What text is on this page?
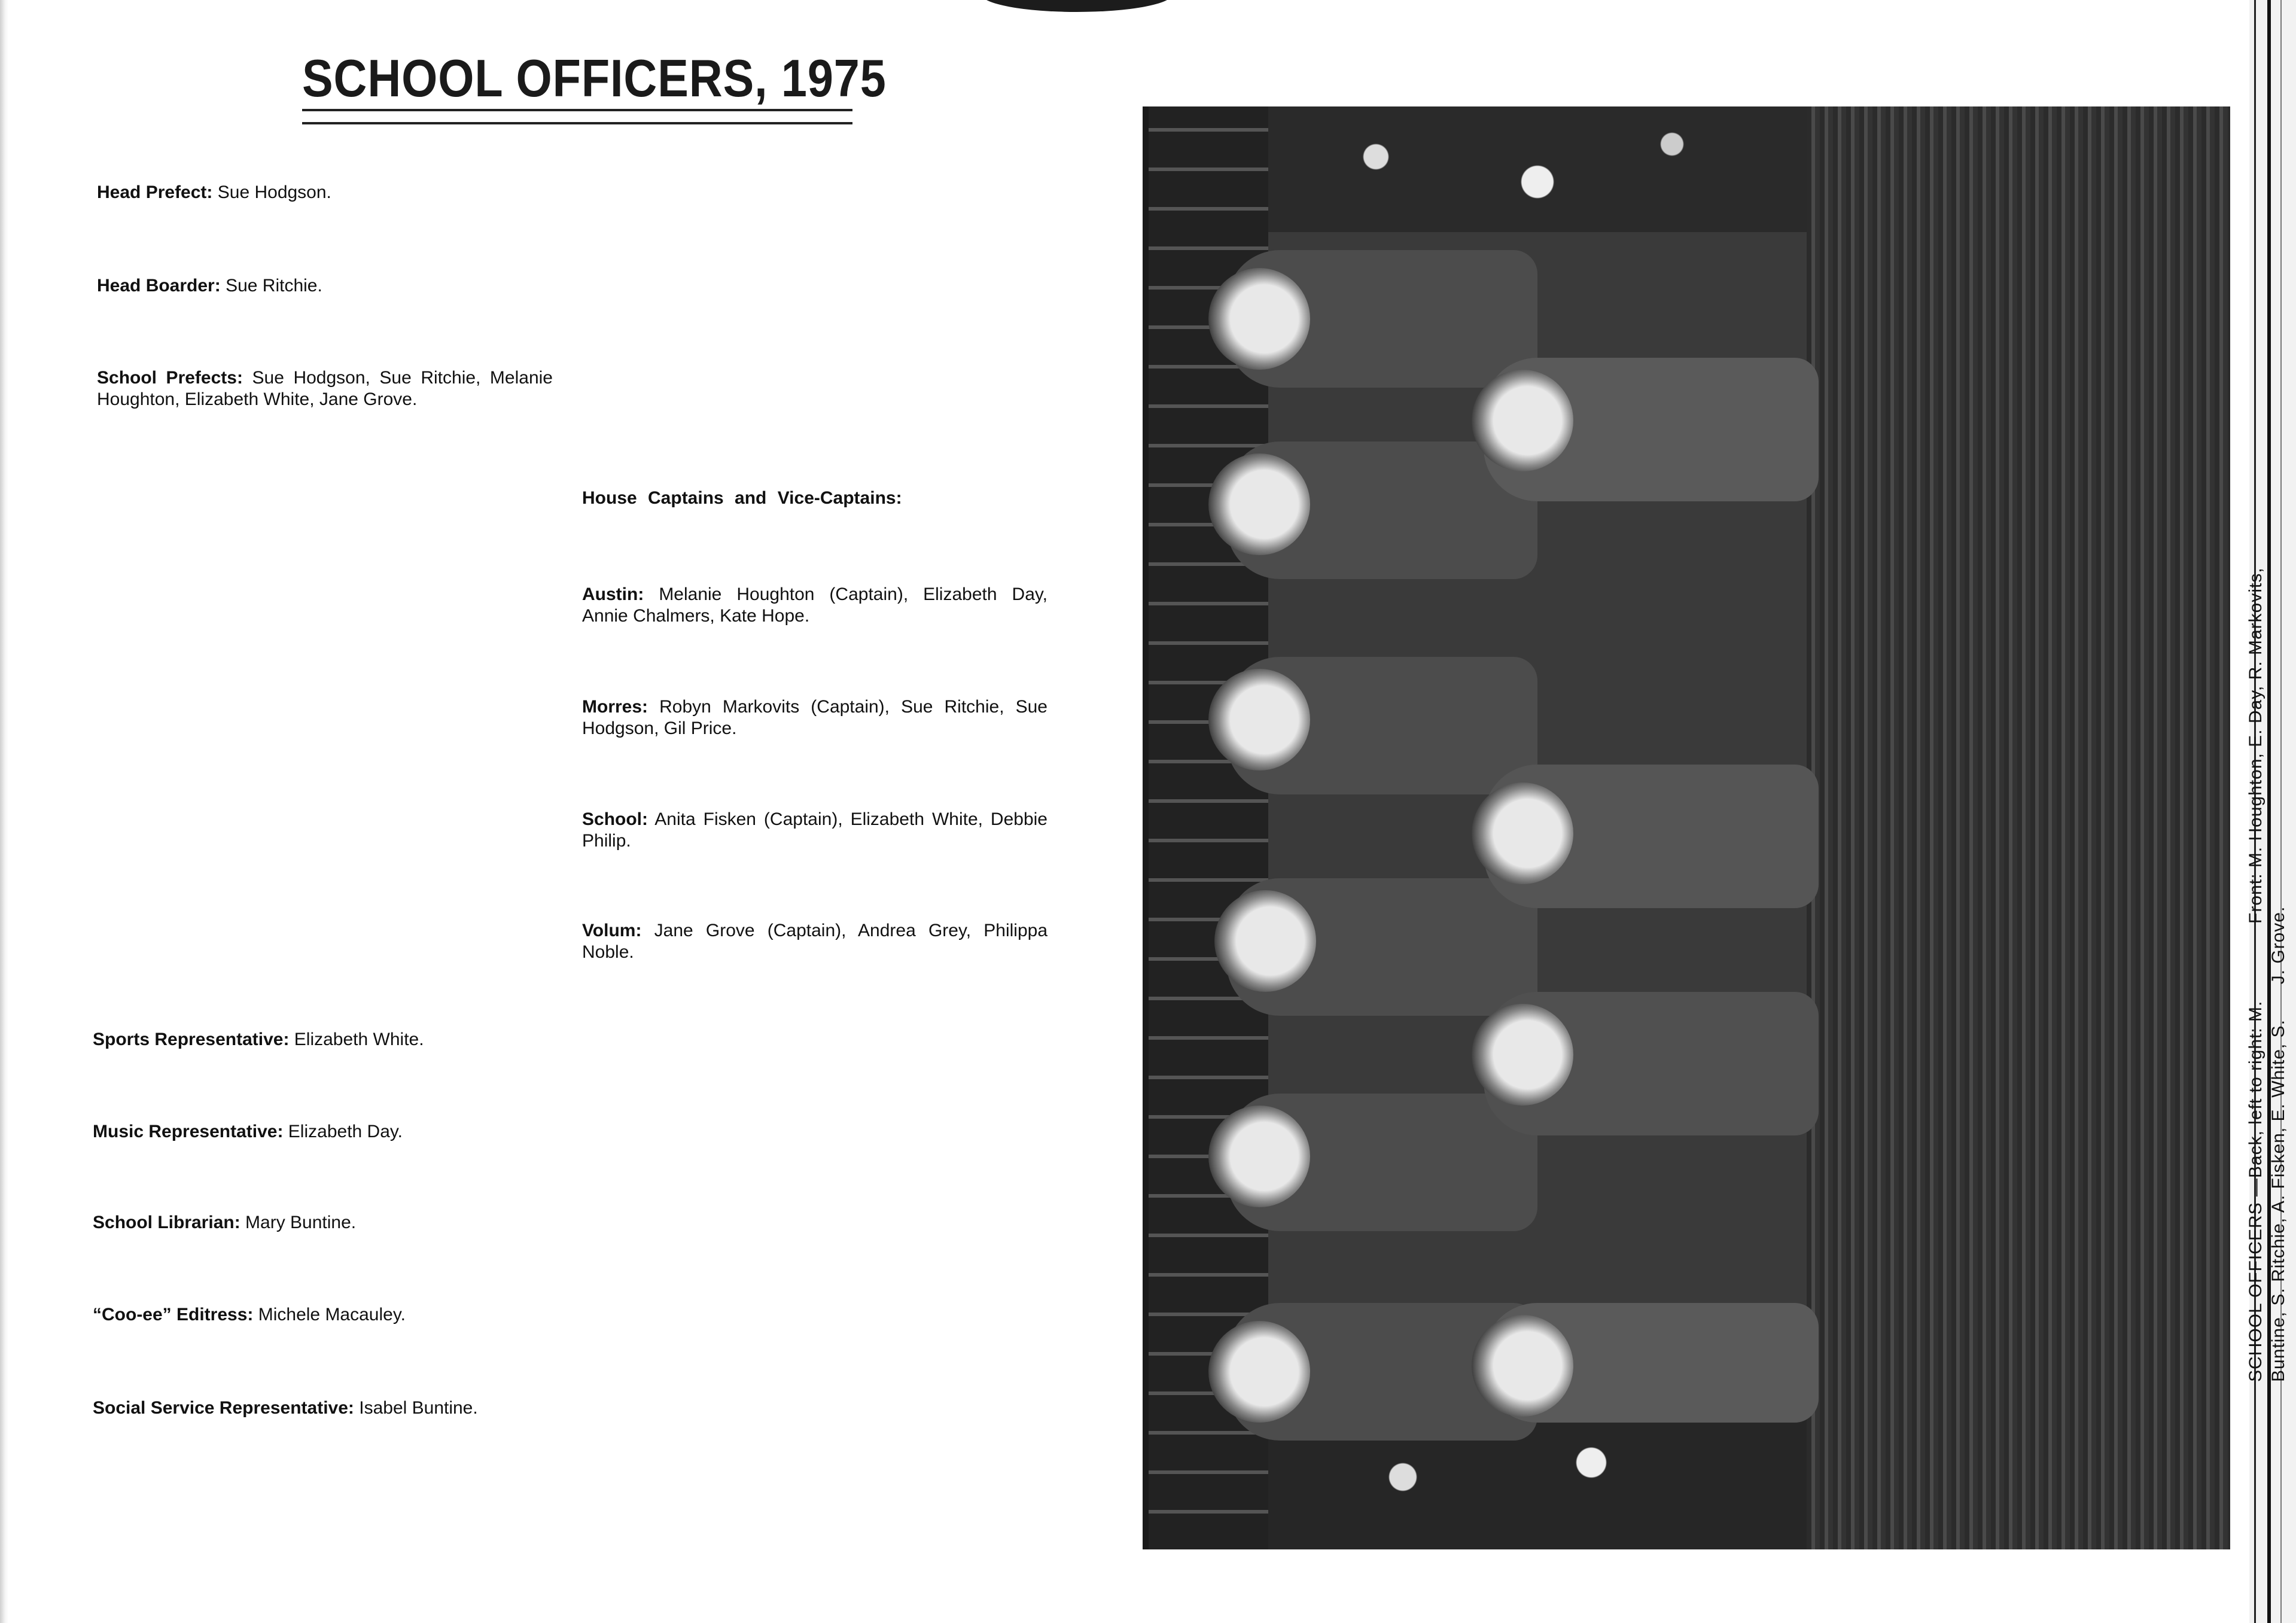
SCHOOL OFFICERS, 1975
Head Prefect: Sue Hodgson.
Head Boarder: Sue Ritchie.
School Prefects: Sue Hodgson, Sue Ritchie, Melanie Houghton, Elizabeth White, Jane Grove.
House Captains and Vice-Captains:
Austin: Melanie Houghton (Captain), Elizabeth Day, Annie Chalmers, Kate Hope.
Morres: Robyn Markovits (Captain), Sue Ritchie, Sue Hodgson, Gil Price.
School: Anita Fisken (Captain), Elizabeth White, Debbie Philip.
Volum: Jane Grove (Captain), Andrea Grey, Philippa Noble.
Sports Representative: Elizabeth White.
Music Representative: Elizabeth Day.
School Librarian: Mary Buntine.
“Coo-ee” Editress: Michele Macauley.
Social Service Representative: Isabel Buntine.
SCHOOL OFFICERS —Back, left to right: M.  Front: M. Houghton, E. Day, R. Markovits,
Buntine, S. Ritchie, A. Fisken, E. White, S.  J. Grove.
